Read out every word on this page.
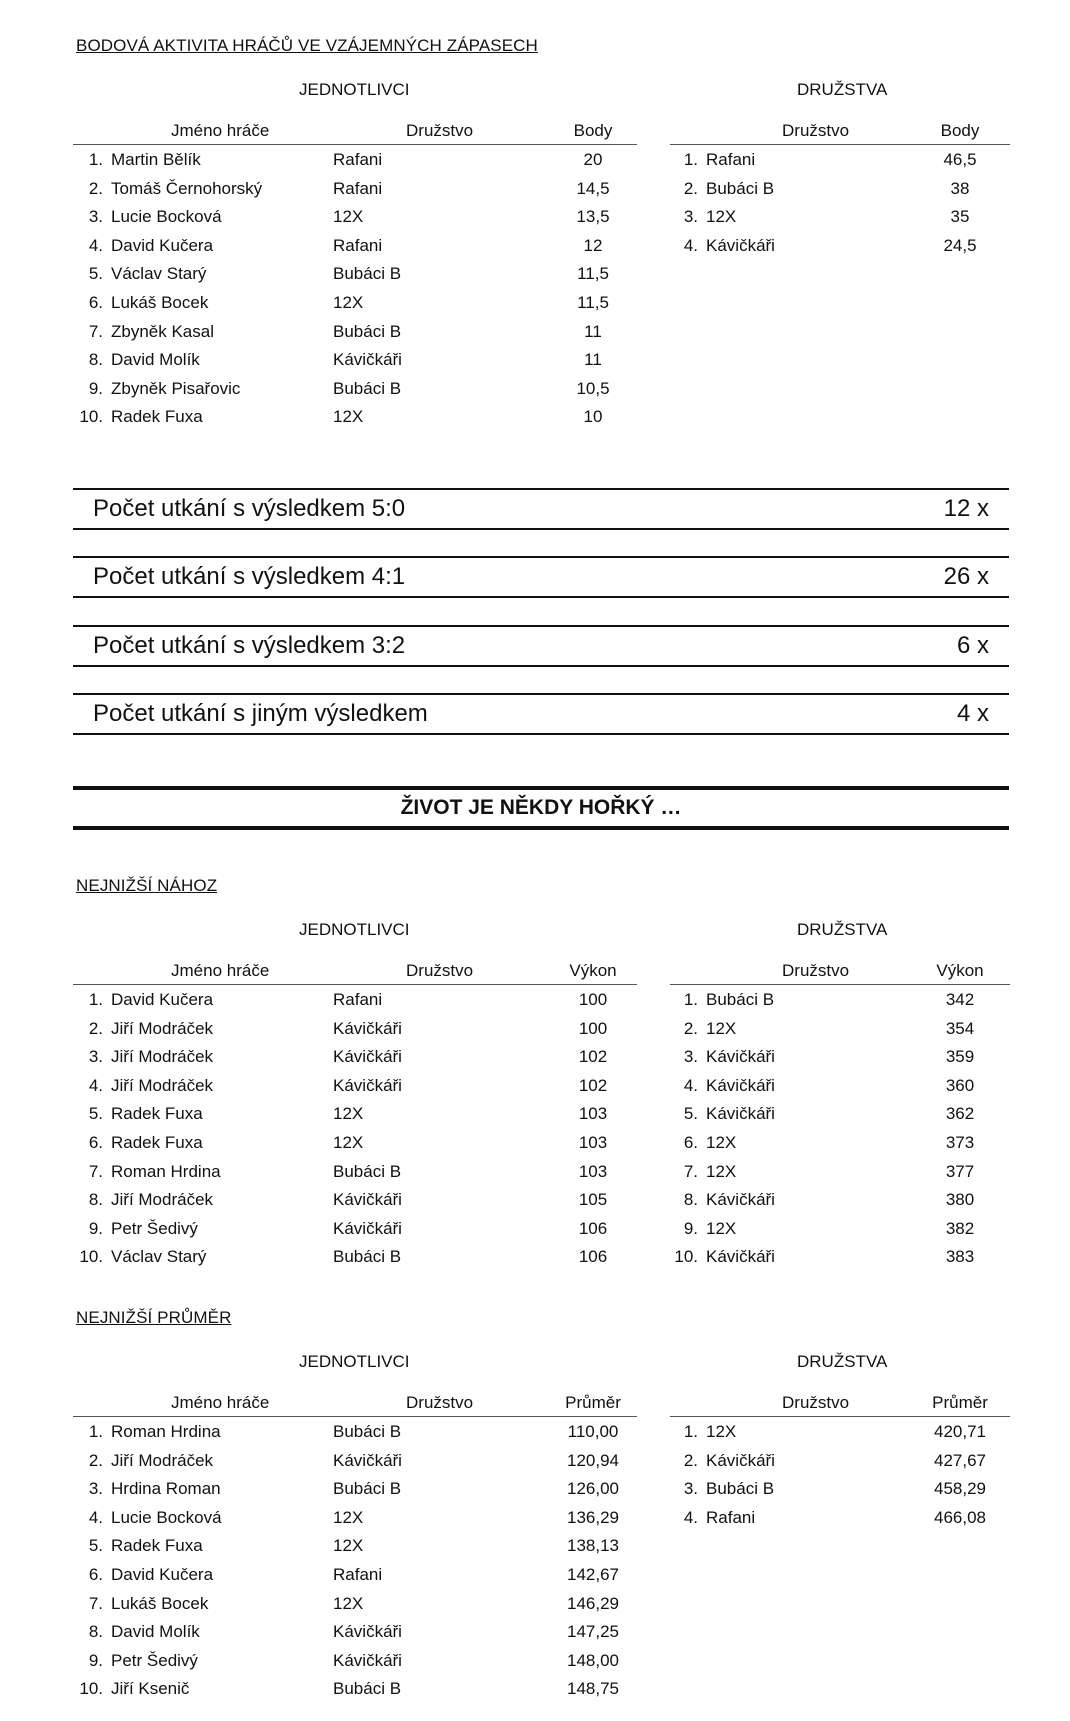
BODOVÁ AKTIVITA HRÁČŮ VE VZÁJEMNÝCH ZÁPASECH
JEDNOTLIVCI	DRUŽSTVA
Jméno hráče	Družstvo	Body
1. Martin Bělík	Rafani	20
2. Tomáš Černohorský	Rafani	14,5
3. Lucie Bocková	12X	13,5
4. David Kučera	Rafani	12
5. Václav Starý	Bubáci B	11,5
6. Lukáš Bocek	12X	11,5
7. Zbyněk Kasal	Bubáci B	11
8. David Molík	Kávičkáři	11
9. Zbyněk Pisařovic	Bubáci B	10,5
10. Radek Fuxa	12X	10
Družstvo	Body
1. Rafani	46,5
2. Bubáci B	38
3. 12X	35
4. Kávičkáři	24,5
Počet utkání s výsledkem 5:0	12 x
Počet utkání s výsledkem 4:1	26 x
Počet utkání s výsledkem 3:2	6 x
Počet utkání s jiným výsledkem	4 x
ŽIVOT JE NĚKDY HOŘKÝ …
NEJNIŽŠÍ NÁHOZ
JEDNOTLIVCI	DRUŽSTVA
Jméno hráče	Družstvo	Výkon
1. David Kučera	Rafani	100
2. Jiří Modráček	Kávičkáři	100
3. Jiří Modráček	Kávičkáři	102
4. Jiří Modráček	Kávičkáři	102
5. Radek Fuxa	12X	103
6. Radek Fuxa	12X	103
7. Roman Hrdina	Bubáci B	103
8. Jiří Modráček	Kávičkáři	105
9. Petr Šedivý	Kávičkáři	106
10. Václav Starý	Bubáci B	106
Družstvo	Výkon
1. Bubáci B	342
2. 12X	354
3. Kávičkáři	359
4. Kávičkáři	360
5. Kávičkáři	362
6. 12X	373
7. 12X	377
8. Kávičkáři	380
9. 12X	382
10. Kávičkáři	383
NEJNIŽŠÍ PRŮMĚR
JEDNOTLIVCI	DRUŽSTVA
Jméno hráče	Družstvo	Průměr
1. Roman Hrdina	Bubáci B	110,00
2. Jiří Modráček	Kávičkáři	120,94
3. Hrdina Roman	Bubáci B	126,00
4. Lucie Bocková	12X	136,29
5. Radek Fuxa	12X	138,13
6. David Kučera	Rafani	142,67
7. Lukáš Bocek	12X	146,29
8. David Molík	Kávičkáři	147,25
9. Petr Šedivý	Kávičkáři	148,00
10. Jiří Ksenič	Bubáci B	148,75
Družstvo	Průměr
1. 12X	420,71
2. Kávičkáři	427,67
3. Bubáci B	458,29
4. Rafani	466,08
